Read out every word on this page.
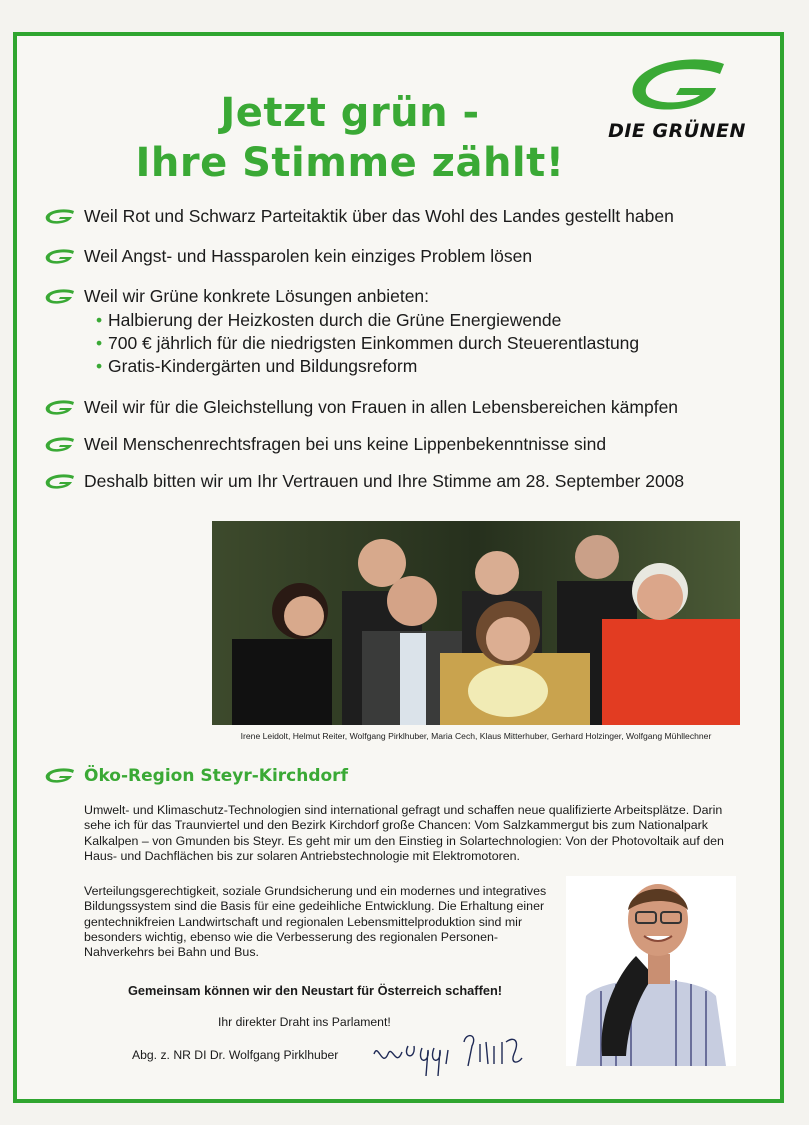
Jetzt grün -
Ihre Stimme zählt!
DIE GRÜNEN
Weil Rot und Schwarz Parteitaktik über das Wohl des Landes gestellt haben
Weil Angst- und Hassparolen kein einziges Problem lösen
Weil wir Grüne konkrete Lösungen anbieten:
• Halbierung der Heizkosten durch die Grüne Energiewende
• 700 € jährlich für die niedrigsten Einkommen durch Steuerentlastung
• Gratis-Kindergärten und Bildungsreform
Weil wir für die Gleichstellung von Frauen in allen Lebensbereichen kämpfen
Weil Menschenrechtsfragen bei uns keine Lippenbekenntnisse sind
Deshalb bitten wir um Ihr Vertrauen und Ihre Stimme am 28. September 2008
Irene Leidolt, Helmut Reiter, Wolfgang Pirklhuber, Maria Cech, Klaus Mitterhuber, Gerhard Holzinger, Wolfgang Mühllechner
Öko-Region Steyr-Kirchdorf
Umwelt- und Klimaschutz-Technologien sind international gefragt und schaffen neue qualifizierte Arbeitsplätze. Darin sehe ich für das Traunviertel und den Bezirk Kirchdorf große Chancen: Vom Salzkammergut bis zum Nationalpark Kalkalpen – von Gmunden bis Steyr. Es geht mir um den Einstieg in Solartechnologien: Von der Photovoltaik auf den Haus- und Dachflächen bis zur solaren Antriebstechnologie mit Elektromotoren.
Verteilungsgerechtigkeit, soziale Grundsicherung und ein modernes und integratives Bildungssystem sind die Basis für eine gedeihliche Entwicklung. Die Erhaltung einer gentechnikfreien Landwirtschaft und regionalen Lebensmittelproduktion sind mir besonders wichtig, ebenso wie die Verbesserung des regionalen Personen-Nahverkehrs bei Bahn und Bus.
Gemeinsam können wir den Neustart für Österreich schaffen!
Ihr direkter Draht ins Parlament!
Abg. z. NR DI Dr. Wolfgang Pirklhuber
